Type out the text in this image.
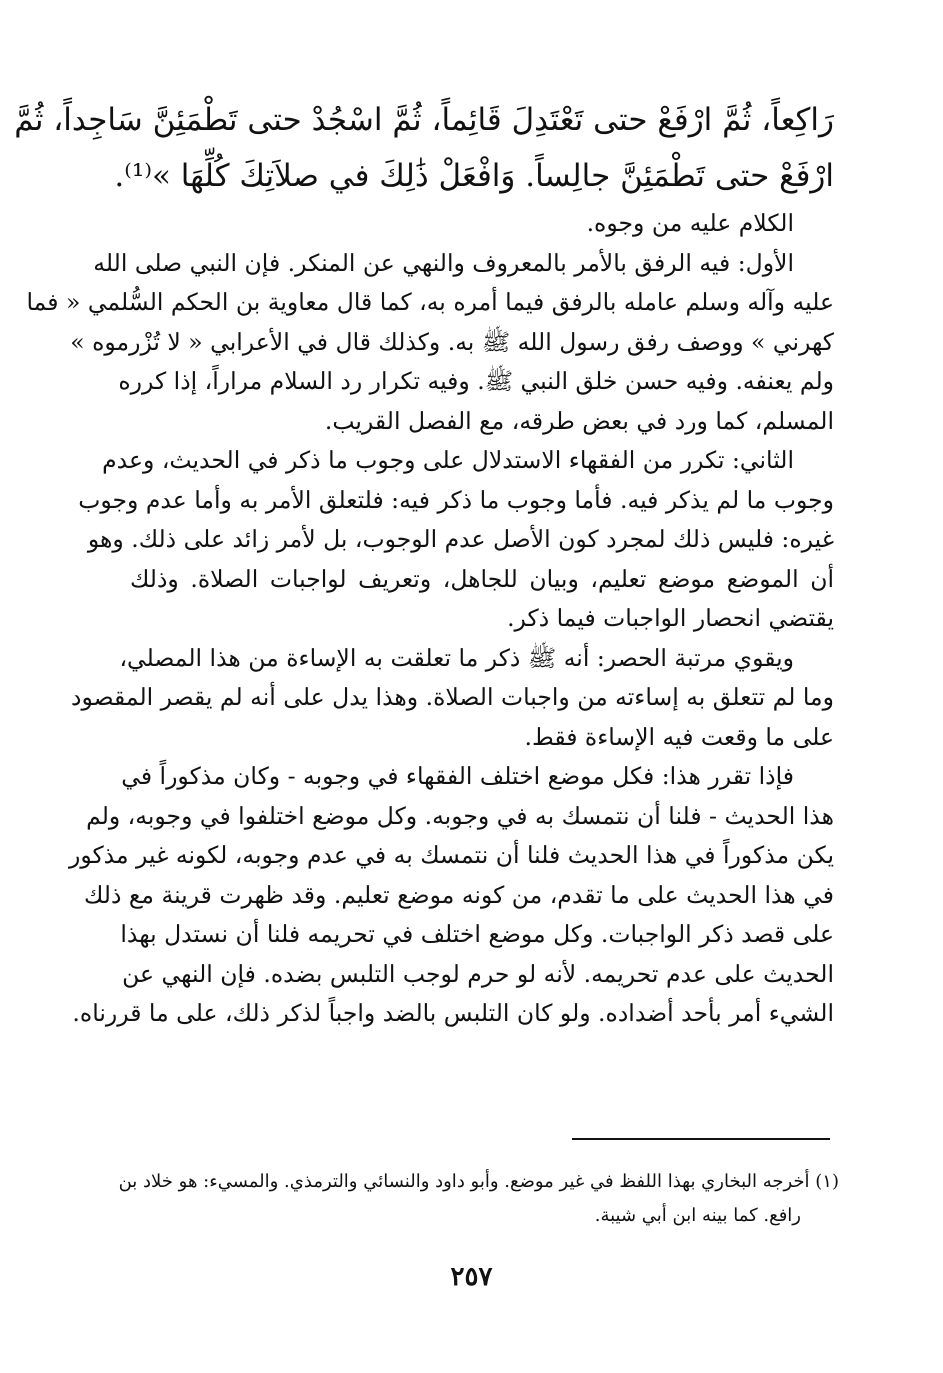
رَاكِعاً، ثُمَّ ارْفَعْ حتى تَعْتَدِلَ قَائِماً، ثُمَّ اسْجُدْ حتى تَطْمَئِنَّ سَاجِداً، ثُمَّ

ارْفَعْ حتى تَطْمَئِنَّ جالِساً. وَافْعَلْ ذَٰلِكَ في صلاَتِكَ كُلِّهَا »⁽¹⁾.

الكلام عليه من وجوه.

الأول: فيه الرفق بالأمر بالمعروف والنهي عن المنكر. فإن النبي صلى الله
عليه وآله وسلم عامله بالرفق فيما أمره به، كما قال معاوية بن الحكم السُّلمي « فما
كهرني » ووصف رفق رسول الله ﷺ به. وكذلك قال في الأعرابي « لا تُزْرموه »
ولم يعنفه. وفيه حسن خلق النبي ﷺ. وفيه تكرار رد السلام مراراً، إذا كرره
المسلم، كما ورد في بعض طرقه، مع الفصل القريب.

الثاني: تكرر من الفقهاء الاستدلال على وجوب ما ذكر في الحديث، وعدم
وجوب ما لم يذكر فيه. فأما وجوب ما ذكر فيه: فلتعلق الأمر به وأما عدم وجوب
غيره: فليس ذلك لمجرد كون الأصل عدم الوجوب، بل لأمر زائد على ذلك. وهو
أن الموضع موضع تعليم، وبيان للجاهل، وتعريف لواجبات الصلاة. وذلك
يقتضي انحصار الواجبات فيما ذكر.

ويقوي مرتبة الحصر: أنه ﷺ ذكر ما تعلقت به الإساءة من هذا المصلي،
وما لم تتعلق به إساءته من واجبات الصلاة. وهذا يدل على أنه لم يقصر المقصود
على ما وقعت فيه الإساءة فقط.

فإذا تقرر هذا: فكل موضع اختلف الفقهاء في وجوبه - وكان مذكوراً في
هذا الحديث - فلنا أن نتمسك به في وجوبه. وكل موضع اختلفوا في وجوبه، ولم
يكن مذكوراً في هذا الحديث فلنا أن نتمسك به في عدم وجوبه، لكونه غير مذكور
في هذا الحديث على ما تقدم، من كونه موضع تعليم. وقد ظهرت قرينة مع ذلك
على قصد ذكر الواجبات. وكل موضع اختلف في تحريمه فلنا أن نستدل بهذا
الحديث على عدم تحريمه. لأنه لو حرم لوجب التلبس بضده. فإن النهي عن
الشيء أمر بأحد أضداده. ولو كان التلبس بالضد واجباً لذكر ذلك، على ما قررناه.

(١) أخرجه البخاري بهذا اللفظ في غير موضع. وأبو داود والنسائي والترمذي. والمسيء: هو خلاد بن
رافع. كما بينه ابن أبي شيبة.
٢٥٧
